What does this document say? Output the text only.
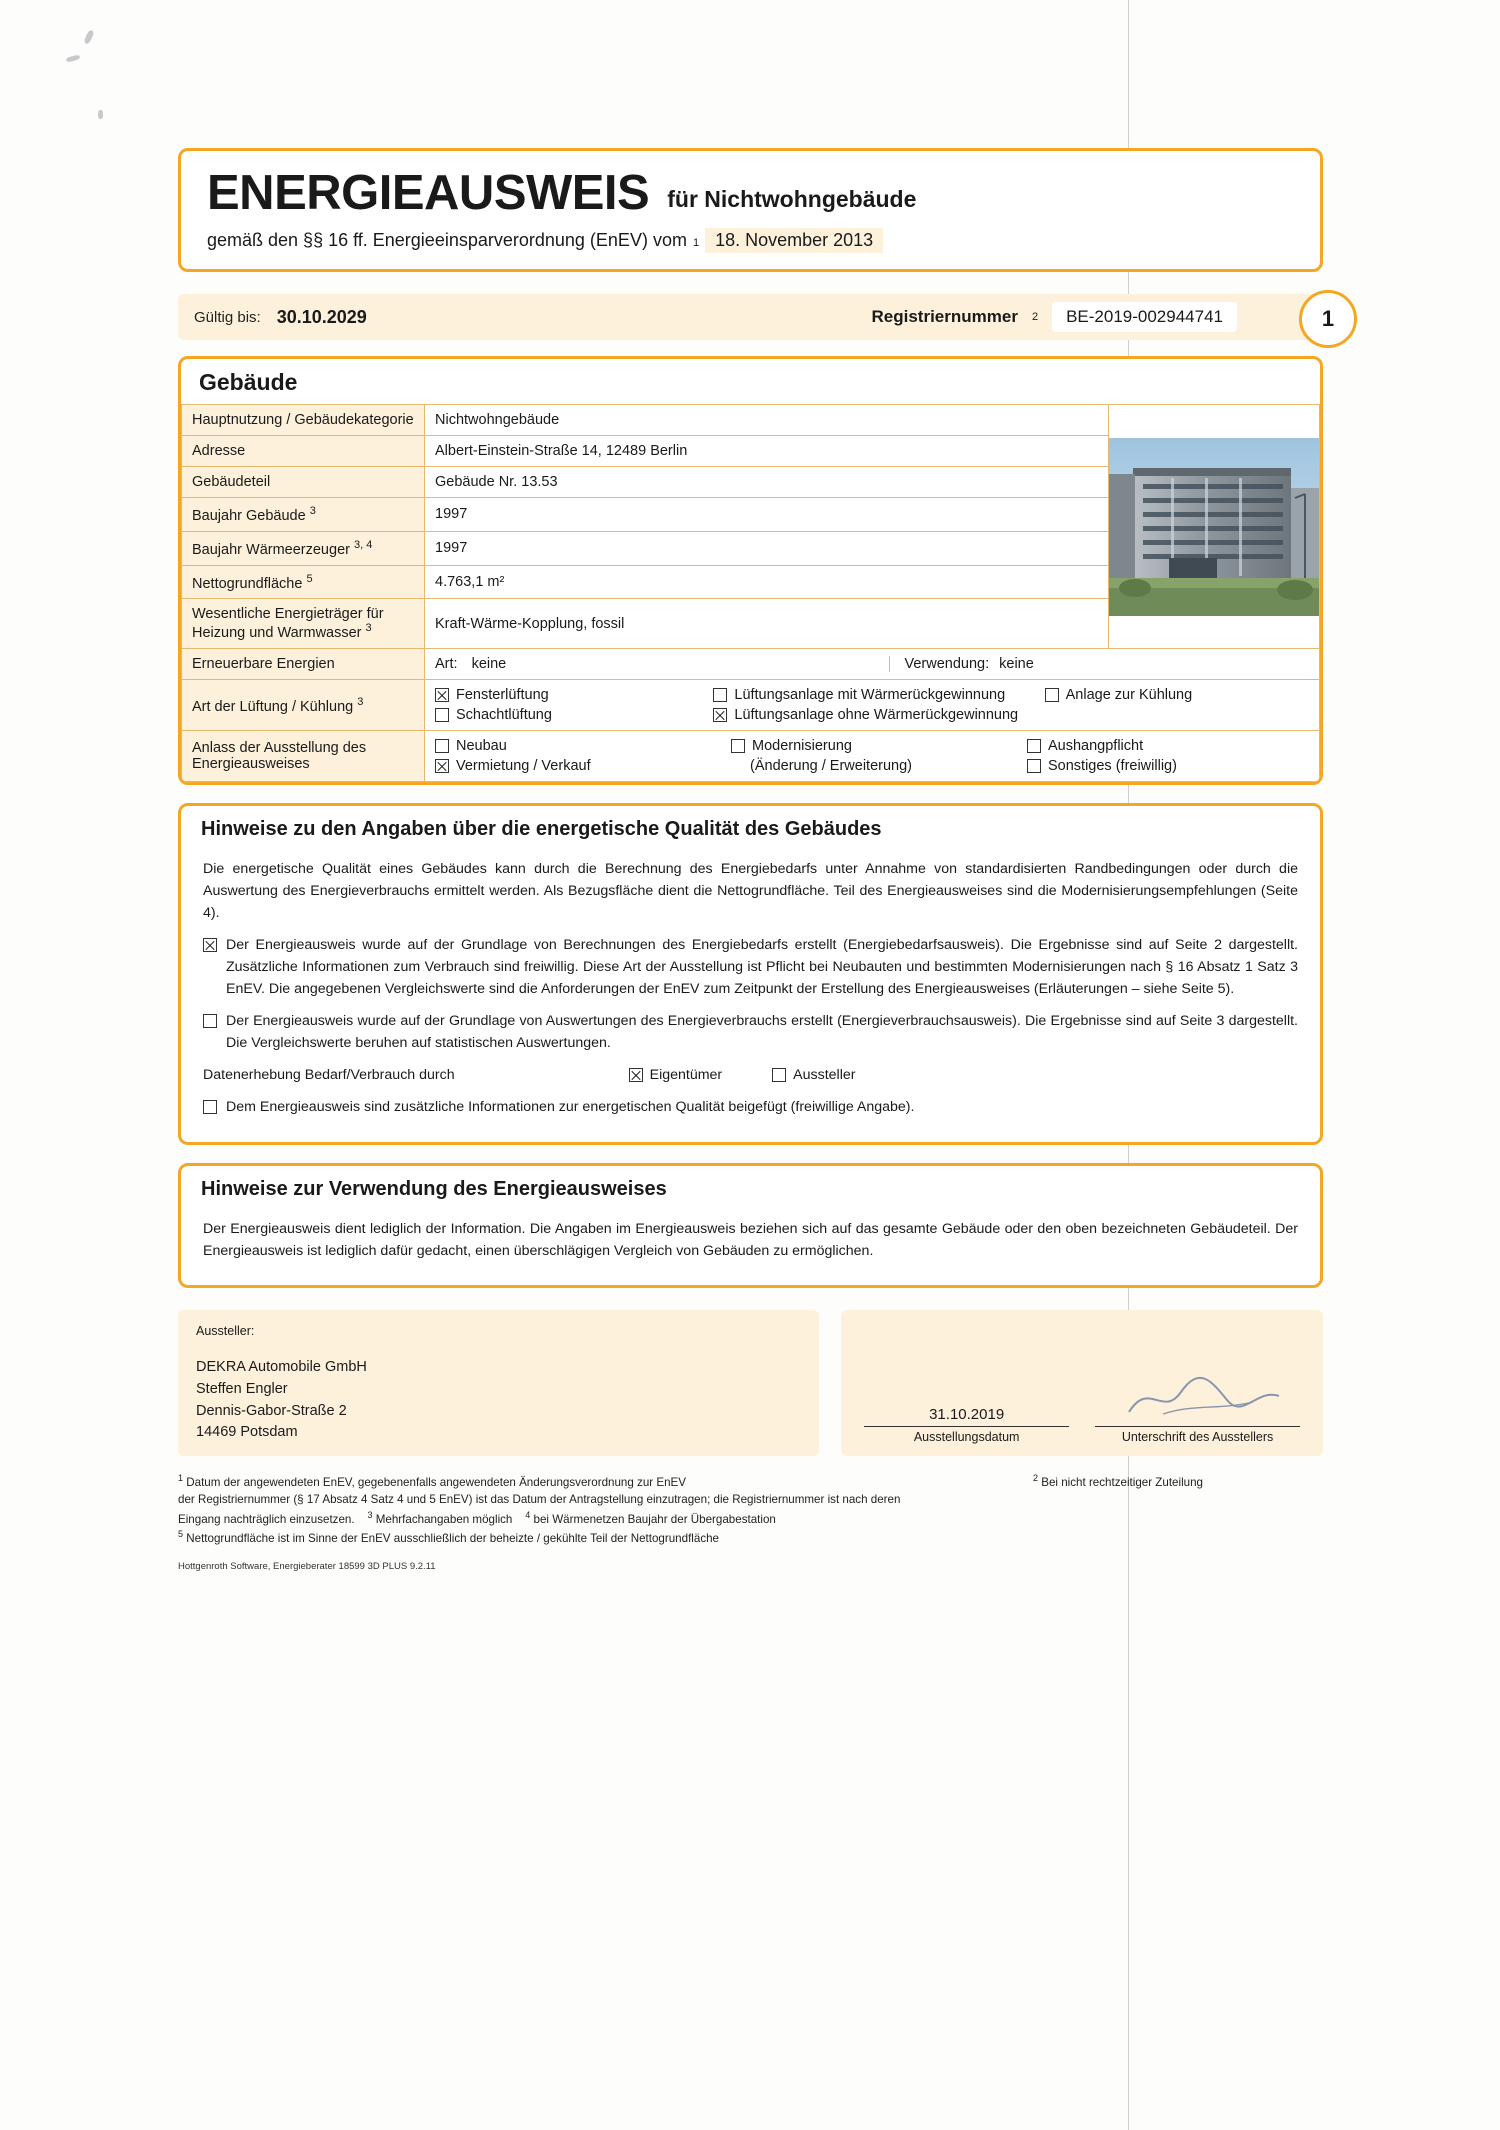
ENERGIEAUSWEIS für Nichtwohngebäude
gemäß den §§ 16 ff. Energieeinsparverordnung (EnEV) vom 1 18. November 2013
Gültig bis: 30.10.2029	Registriernummer 2	BE-2019-002944741	1
Gebäude
Hauptnutzung / Gebäudekategorie	Nichtwohngebäude	

Adresse	Albert-Einstein-Straße 14, 12489 Berlin	
Gebäudeteil	Gebäude Nr. 13.53	
Baujahr Gebäude $^3$	1997	
Baujahr Wärmeerzeuger $^{3, 4}$	1997	
Nettogrundfläche $^5$	4.763,1 m²	
Wesentliche Energieträger für Heizung und Warmwasser $^3$	Kraft-Wärme-Kopplung, fossil	
Erneuerbare Energien	Art: keine Verwendung: keine	

Art der Lüftung / Kühlung $^3$	Fensterlüftung Lüftungsanlage mit Wärmerückgewinnung Anlage zur Kühlung
Schachtlüftung Lüftungsanlage ohne Wärmerückgewinnung	

Anlass der Ausstellung des Energieausweises	
Neubau	Modernisierung	Aushangpflicht
Vermietung / Verkauf	(Änderung / Erweiterung)	Sonstiges (freiwillig)
Hinweise zu den Angaben über die energetische Qualität des Gebäudes

Die energetische Qualität eines Gebäudes kann durch die Berechnung des Energiebedarfs unter Annahme von standardisierten Randbedingungen oder durch die Auswertung des Energieverbrauchs ermittelt werden. Als Bezugsfläche dient die Nettogrundfläche. Teil des Energieausweises sind die Modernisierungsempfehlungen (Seite 4).

Der Energieausweis wurde auf der Grundlage von Berechnungen des Energiebedarfs erstellt (Energiebedarfsausweis). Die Ergebnisse sind auf Seite 2 dargestellt. Zusätzliche Informationen zum Verbrauch sind freiwillig. Diese Art der Ausstellung ist Pflicht bei Neubauten und bestimmten Modernisierungen nach § 16 Absatz 1 Satz 3 EnEV. Die angegebenen Vergleichswerte sind die Anforderungen der EnEV zum Zeitpunkt der Erstellung des Energieausweises (Erläuterungen – siehe Seite 5).
Der Energieausweis wurde auf der Grundlage von Auswertungen des Energieverbrauchs erstellt (Energieverbrauchsausweis). Die Ergebnisse sind auf Seite 3 dargestellt. Die Vergleichswerte beruhen auf statistischen Auswertungen.
Datenerhebung Bedarf/Verbrauch durch	Eigentümer	Aussteller
Dem Energieausweis sind zusätzliche Informationen zur energetischen Qualität beigefügt (freiwillige Angabe).
Hinweise zur Verwendung des Energieausweises

Der Energieausweis dient lediglich der Information. Die Angaben im Energieausweis beziehen sich auf das gesamte Gebäude oder den oben bezeichneten Gebäudeteil. Der Energieausweis ist lediglich dafür gedacht, einen überschlägigen Vergleich von Gebäuden zu ermöglichen.

Aussteller:
DEKRA Automobile GmbH
Steffen Engler
Dennis-Gabor-Straße 2
14469 Potsdam
31.10.2019
Ausstellungsdatum
	Unterschrift des Ausstellers
$^1$ Datum der angewendeten EnEV, gegebenenfalls angewendeten Änderungsverordnung zur EnEV
der Registriernummer (§ 17 Absatz 4 Satz 4 und 5 EnEV) ist das Datum der Antragstellung einzutragen; die Registriernummer ist nach deren
Eingang nachträglich einzusetzen. $^3$ Mehrfachangaben möglich $^4$ bei Wärmenetzen Baujahr der Übergabestation
$^5$ Nettogrundfläche ist im Sinne der EnEV ausschließlich der beheizte / gekühlte Teil der Nettogrundfläche
$^2$ Bei nicht rechtzeitiger Zuteilung
Hottgenroth Software, Energieberater 18599 3D PLUS 9.2.11
